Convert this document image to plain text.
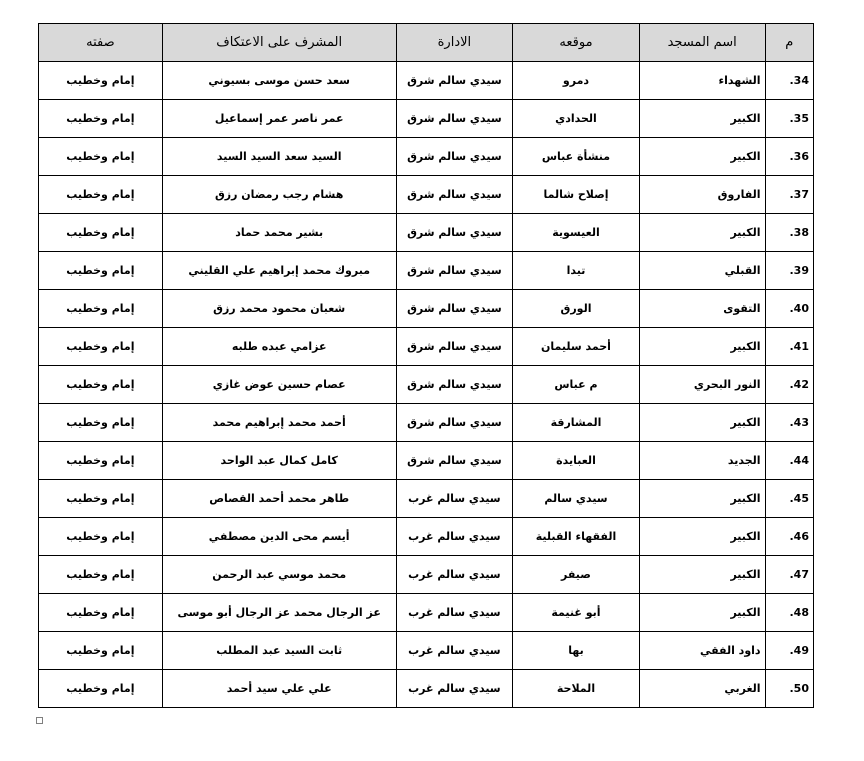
م	اسم المسجد	موقعه	الادارة	المشرف على الاعتكاف	صفته
.34	الشهداء	دمرو	سيدي سالم شرق	سعد حسن موسى بسيوني	إمام وخطيب
.35	الكبير	الحدادي	سيدي سالم شرق	عمر ناصر عمر إسماعيل	إمام وخطيب
.36	الكبير	منشأة عباس	سيدي سالم شرق	السيد سعد السيد السيد	إمام وخطيب
.37	الفاروق	إصلاح شالما	سيدي سالم شرق	هشام رجب رمضان رزق	إمام وخطيب
.38	الكبير	العيسوية	سيدي سالم شرق	بشير محمد حماد	إمام وخطيب
.39	القبلي	تيدا	سيدي سالم شرق	مبروك محمد إبراهيم علي القليني	إمام وخطيب
.40	التقوى	الورق	سيدي سالم شرق	شعبان محمود محمد رزق	إمام وخطيب
.41	الكبير	أحمد سليمان	سيدي سالم شرق	عزامي عبده طلبه	إمام وخطيب
.42	النور البحري	م عباس	سيدي سالم شرق	عصام حسين عوض غازي	إمام وخطيب
.43	الكبير	المشارقة	سيدي سالم شرق	أحمد محمد إبراهيم محمد	إمام وخطيب
.44	الجديد	العبايدة	سيدي سالم شرق	كامل كمال عبد الواحد	إمام وخطيب
.45	الكبير	سيدي سالم	سيدي سالم غرب	طاهر محمد أحمد القصاص	إمام وخطيب
.46	الكبير	الفقهاء القبلية	سيدي سالم غرب	أيسم محى الدين مصطفي	إمام وخطيب
.47	الكبير	صيفر	سيدي سالم غرب	محمد موسي عبد الرحمن	إمام وخطيب
.48	الكبير	أبو غنيمة	سيدي سالم غرب	عز الرجال محمد عز الرجال أبو موسى	إمام وخطيب
.49	داود الفقي	بها	سيدي سالم غرب	ثابت السيد عبد المطلب	إمام وخطيب
.50	الغربي	الملاحة	سيدي سالم غرب	علي علي سيد أحمد	إمام وخطيب
